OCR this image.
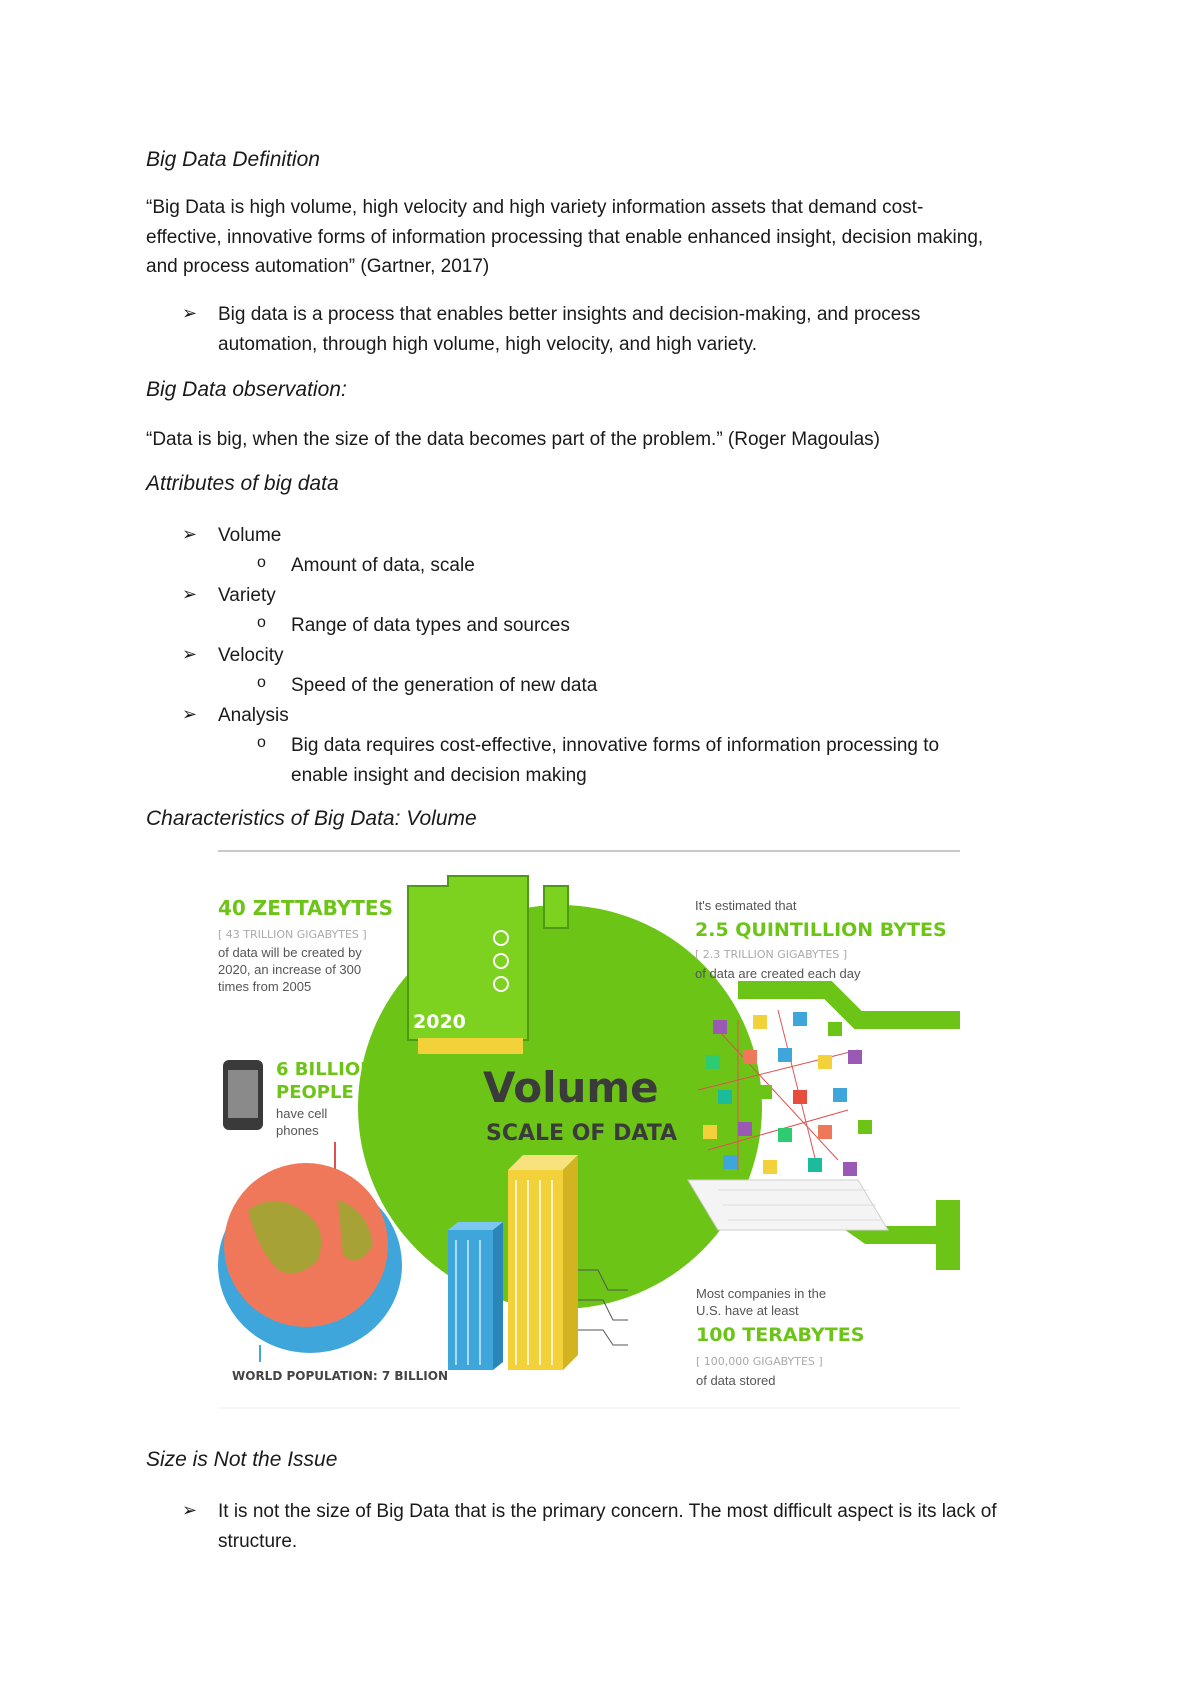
Big Data Definition
“Big Data is high volume, high velocity and high variety information assets that demand cost-
effective, innovative forms of information processing that enable enhanced insight, decision making,
and process automation” (Gartner, 2017)
➢ Big data is a process that enables better insights and decision-making, and process
automation, through high volume, high velocity, and high variety.
Big Data observation:
“Data is big, when the size of the data becomes part of the problem.” (Roger Magoulas)
Attributes of big data
➢ Volume
o Amount of data, scale
➢ Variety
o Range of data types and sources
➢ Velocity
o Speed of the generation of new data
➢ Analysis
o Big data requires cost-effective, innovative forms of information processing to
enable insight and decision making
Characteristics of Big Data: Volume
2005
2020
40 ZETTABYTES
[ 43 TRILLION GIGABYTES ]
of data will be created by
2020, an increase of 300
times from 2005
Volume
SCALE OF DATA
It's estimated that
2.5 QUINTILLION BYTES
[ 2.3 TRILLION GIGABYTES ]
of data are created each day
6 BILLION
PEOPLE
have cell
phones
WORLD POPULATION: 7 BILLION
Most companies in the
U.S. have at least
100 TERABYTES
[ 100,000 GIGABYTES ]
of data stored
Size is Not the Issue
➢ It is not the size of Big Data that is the primary concern. The most difficult aspect is its lack of
structure.
